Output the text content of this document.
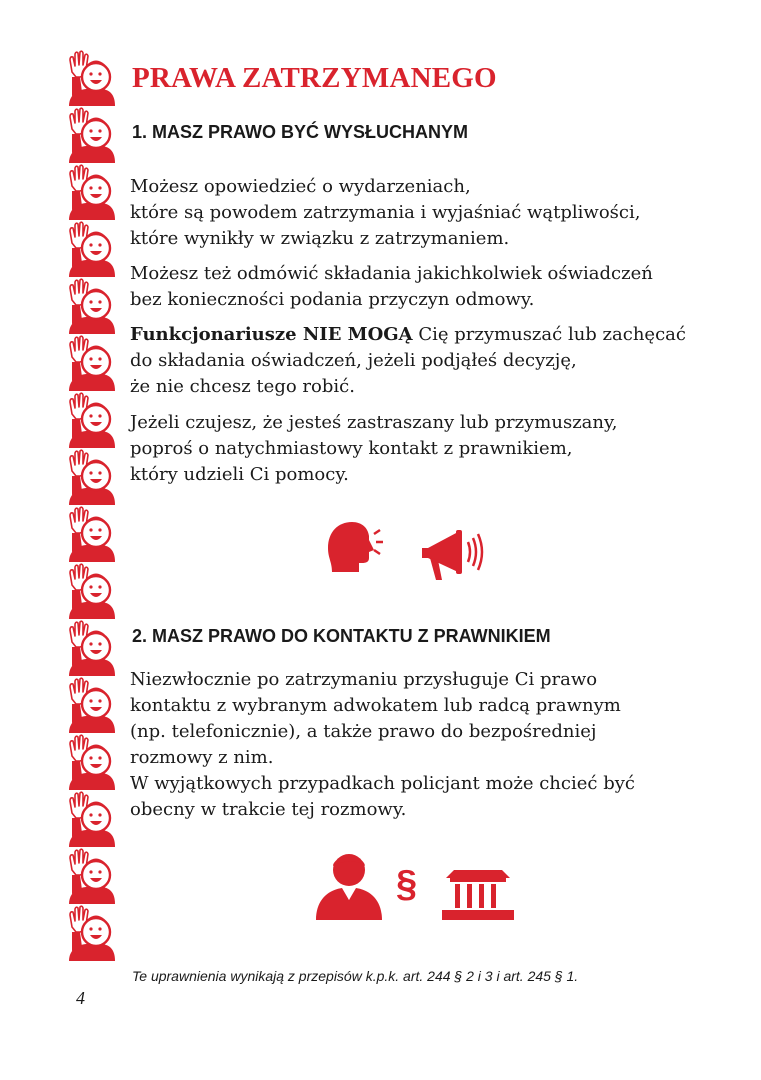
PRAWA ZATRZYMANEGO
1. MASZ PRAWO BYĆ WYSŁUCHANYM

Możesz opowiedzieć o wydarzeniach,
które są powodem zatrzymania i wyjaśniać wątpliwości,
które wynikły w związku z zatrzymaniem.

Możesz też odmówić składania jakichkolwiek oświadczeń
bez konieczności podania przyczyn odmowy.

Funkcjonariusze NIE MOGĄ Cię przymuszać lub zachęcać
do składania oświadczeń, jeżeli podjąłeś decyzję,
że nie chcesz tego robić.

Jeżeli czujesz, że jesteś zastraszany lub przymuszany,
poproś o natychmiastowy kontakt z prawnikiem,
który udzieli Ci pomocy.

2. MASZ PRAWO DO KONTAKTU Z PRAWNIKIEM

Niezwłocznie po zatrzymaniu przysługuje Ci prawo
kontaktu z wybranym adwokatem lub radcą prawnym
(np. telefonicznie), a także prawo do bezpośredniej
rozmowy z nim.
W wyjątkowych przypadkach policjant może chcieć być
obecny w trakcie tej rozmowy.

§

Te uprawnienia wynikają z przepisów k.p.k. art. 244 § 2 i 3 i art. 245 § 1.

4
